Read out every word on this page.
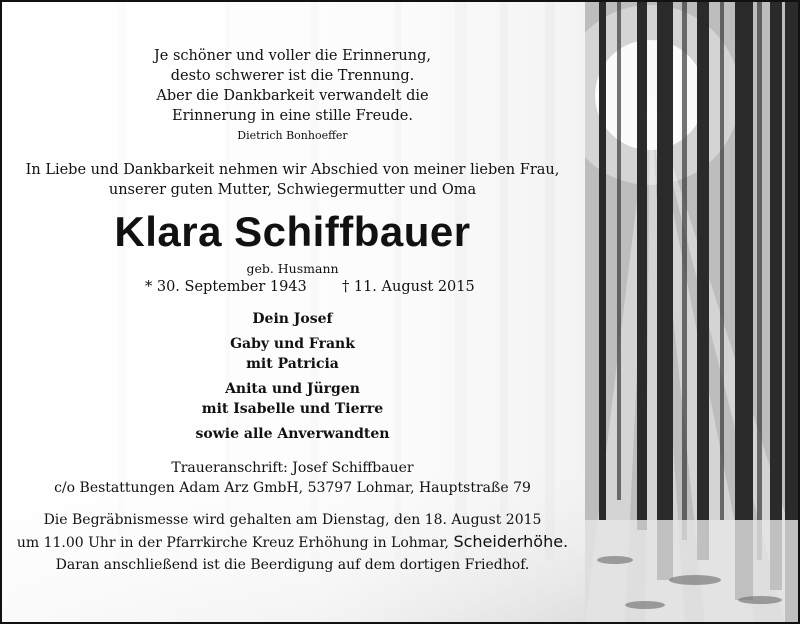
Je schöner und voller die Erinnerung,
desto schwerer ist die Trennung.
Aber die Dankbarkeit verwandelt die
Erinnerung in eine stille Freude.
Dietrich Bonhoeffer
In Liebe und Dankbarkeit nehmen wir Abschied von meiner lieben Frau,
unserer guten Mutter, Schwiegermutter und Oma
Klara Schiffbauer
geb. Husmann
* 30. September 1943 † 11. August 2015
Dein Josef
Gaby und Frank
mit Patricia
Anita und Jürgen
mit Isabelle und Tierre
sowie alle Anverwandten
Traueranschrift: Josef Schiffbauer
c/o Bestattungen Adam Arz GmbH, 53797 Lohmar, Hauptstraße 79
Die Begräbnismesse wird gehalten am Dienstag, den 18. August 2015
um 11.00 Uhr in der Pfarrkirche Kreuz Erhöhung in Lohmar, Scheiderhöhe.
Daran anschließend ist die Beerdigung auf dem dortigen Friedhof.
